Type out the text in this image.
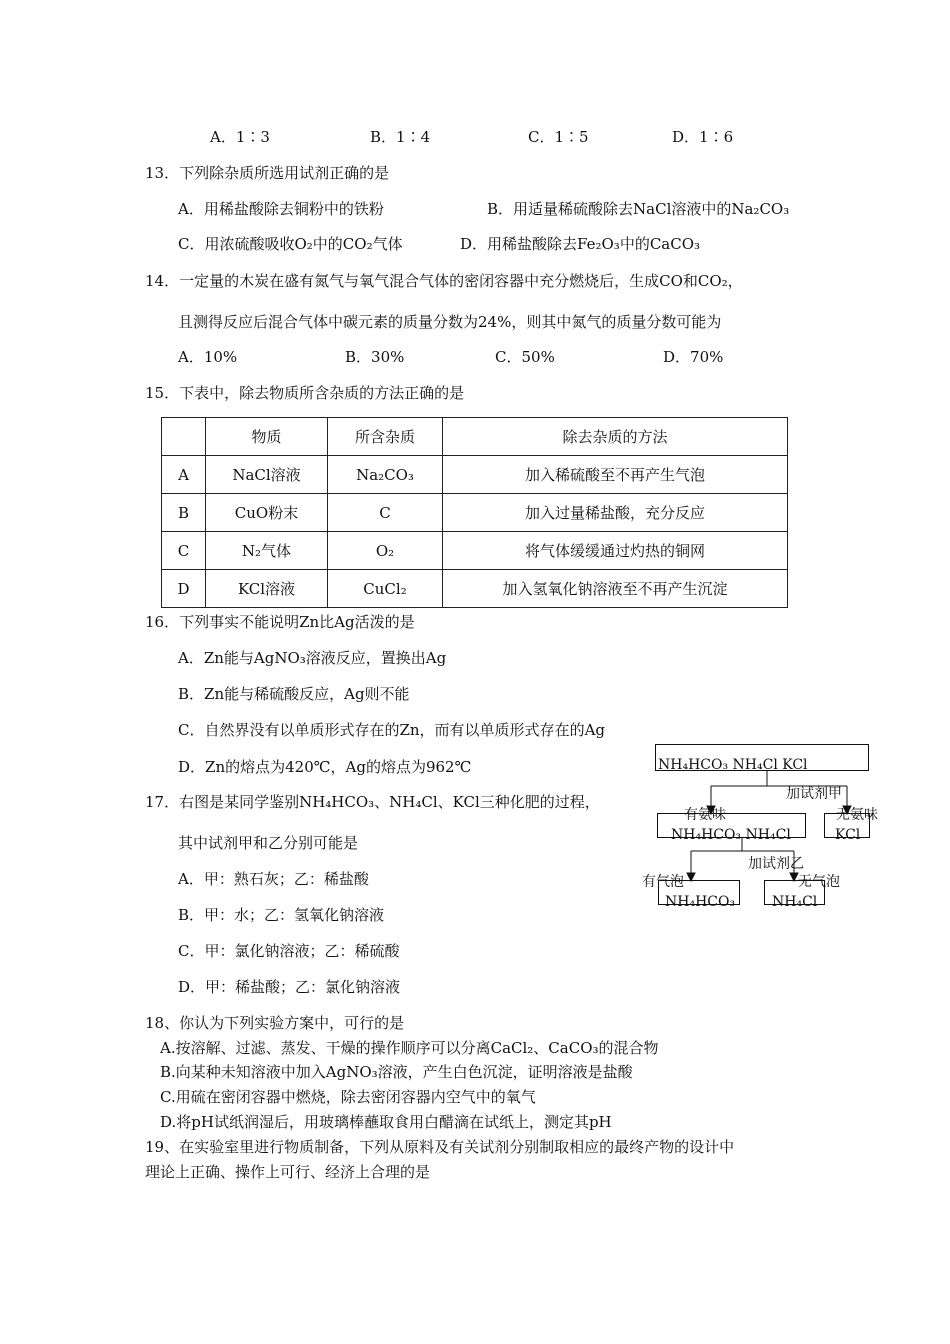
A．1∶3	B．1∶4	C．1∶5	D．1∶6
13．下列除杂质所选用试剂正确的是
A．用稀盐酸除去铜粉中的铁粉	B．用适量稀硫酸除去NaCl溶液中的Na₂CO₃
C．用浓硫酸吸收O₂中的CO₂气体	D．用稀盐酸除去Fe₂O₃中的CaCO₃
14．一定量的木炭在盛有氮气与氧气混合气体的密闭容器中充分燃烧后，生成CO和CO₂，
且测得反应后混合气体中碳元素的质量分数为24%，则其中氮气的质量分数可能为
A．10%	B．30%	C．50%	D．70%
15．下表中，除去物质所含杂质的方法正确的是
	物质	所含杂质	除去杂质的方法
A	NaCl溶液	Na₂CO₃	加入稀硫酸至不再产生气泡
B	CuO粉末	C	加入过量稀盐酸，充分反应
C	N₂气体	O₂	将气体缓缓通过灼热的铜网
D	KCl溶液	CuCl₂	加入氢氧化钠溶液至不再产生沉淀
16．下列事实不能说明Zn比Ag活泼的是
A．Zn能与AgNO₃溶液反应，置换出Ag
B．Zn能与稀硫酸反应，Ag则不能
C．自然界没有以单质形式存在的Zn，而有以单质形式存在的Ag
D．Zn的熔点为420℃，Ag的熔点为962℃
17．右图是某同学鉴别NH₄HCO₃、NH₄Cl、KCl三种化肥的过程，
其中试剂甲和乙分别可能是
A．甲：熟石灰；乙：稀盐酸
B．甲：水；乙：氢氧化钠溶液
C．甲：氯化钠溶液；乙：稀硫酸
D．甲：稀盐酸；乙：氯化钠溶液
NH₄HCO₃ NH₄Cl KCl
加试剂甲
有氨味	无氨味
NH₄HCO₃ NH₄Cl	KCl
加试剂乙
有气泡	无气泡
NH₄HCO₃	NH₄Cl
18、你认为下列实验方案中，可行的是
A.按溶解、过滤、蒸发、干燥的操作顺序可以分离CaCl₂、CaCO₃的混合物
B.向某种未知溶液中加入AgNO₃溶液，产生白色沉淀，证明溶液是盐酸
C.用硫在密闭容器中燃烧，除去密闭容器内空气中的氧气
D.将pH试纸润湿后，用玻璃棒蘸取食用白醋滴在试纸上，测定其pH
19、在实验室里进行物质制备，下列从原料及有关试剂分别制取相应的最终产物的设计中
理论上正确、操作上可行、经济上合理的是
